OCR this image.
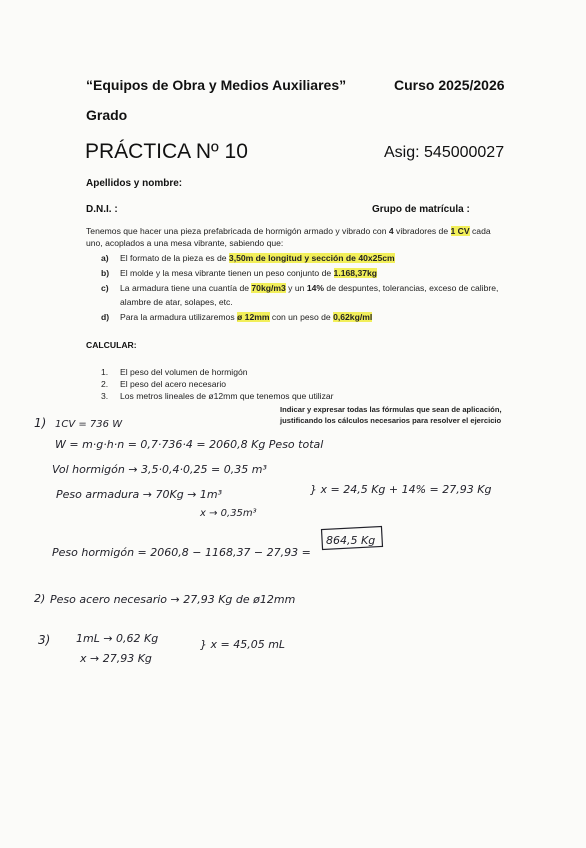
“Equipos de Obra y Medios Auxiliares”	Curso 2025/2026
Grado
PRÁCTICA Nº 10	Asig: 545000027
Apellidos y nombre:
D.N.I. :	Grupo de matrícula :
Tenemos que hacer una pieza prefabricada de hormigón armado y vibrado con 4 vibradores de 1 CV cada
uno, acoplados a una mesa vibrante, sabiendo que:
a) El formato de la pieza es de 3,50m de longitud y sección de 40x25cm
b) El molde y la mesa vibrante tienen un peso conjunto de 1.168,37kg
c) La armadura tiene una cuantía de 70kg/m3 y un 14% de despuntes, tolerancias, exceso de calibre,
alambre de atar, solapes, etc.
d) Para la armadura utilizaremos ø 12mm con un peso de 0,62kg/ml
CALCULAR:
1. El peso del volumen de hormigón
2. El peso del acero necesario
3. Los metros lineales de ø12mm que tenemos que utilizar
Indicar y expresar todas las fórmulas que sean de aplicación,
justificando los cálculos necesarios para resolver el ejercicio
1) 1CV = 736 W
W = m·g·h·n = 0,7·736·4 = 2060,8 Kg Peso total
Vol hormigón → 3,5·0,4·0,25 = 0,35 m³
Peso armadura → 70Kg → 1m³
x → 0,35m³
} x = 24,5 Kg + 14% = 27,93 Kg
Peso hormigón = 2060,8 − 1168,37 − 27,93 =
864,5 Kg
2) Peso acero necesario → 27,93 Kg de ø12mm
3) 1mL → 0,62 Kg
x → 27,93 Kg
} x = 45,05 mL
